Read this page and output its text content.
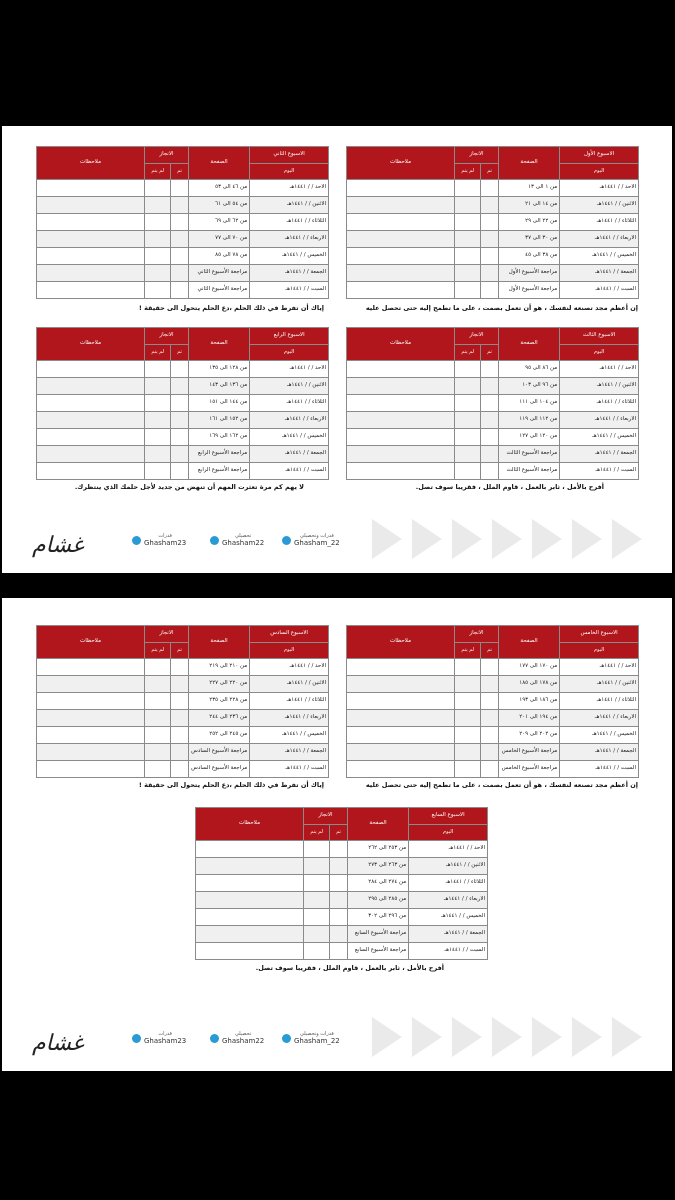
الاسبوع الأول	الصفحة	الانجاز		ملاحظات
اليوم		تم	لم يتم	
الاحد / / ١٤٤١هـ	من ١ الى ١٣			
الاثنين / / ١٤٤١هـ	من ١٤ الى ٢١			
الثلاثاء / / ١٤٤١هـ	من ٢٢ الى ٢٩			
الاربعاء / / ١٤٤١هـ	من ٣٠ الى ٣٧			
الخميس / / ١٤٤١هـ	من ٣٨ الى ٤٥			
الجمعة / / ١٤٤١هـ	مراجعة الأسبوع الأول			
السبت / / ١٤٤١هـ	مراجعة الأسبوع الأول			
الاسبوع الثاني	الصفحة	الانجاز		ملاحظات
اليوم		تم	لم يتم	
الاحد / / ١٤٤١هـ	من ٤٦ الى ٥٣			
الاثنين / / ١٤٤١هـ	من ٥٤ الى ٦١			
الثلاثاء / / ١٤٤١هـ	من ٦٢ الى ٦٩			
الاربعاء / / ١٤٤١هـ	من ٧٠ الى ٧٧			
الخميس / / ١٤٤١هـ	من ٧٨ الى ٨٥			
الجمعة / / ١٤٤١هـ	مراجعة الأسبوع الثاني			
السبت / / ١٤٤١هـ	مراجعة الأسبوع الثاني			
إن أعظم مجد تصنعه لنفسك ، هو أن تعمل بصمت ، على ما تطمح إليه حتى تحصل عليه
إياك أن تفرط في ذلك الحلم ،دع الحلم يتحول الى حقيقة !
الاسبوع الثالث	الصفحة	الانجاز		ملاحظات
اليوم		تم	لم يتم	
الاحد / / ١٤٤١هـ	من ٨٦ الى ٩٥			
الاثنين / / ١٤٤١هـ	من ٩٦ الى ١٠٣			
الثلاثاء / / ١٤٤١هـ	من ١٠٤ الى ١١١			
الاربعاء / / ١٤٤١هـ	من ١١٢ الى ١١٩			
الخميس / / ١٤٤١هـ	من ١٢٠ الى ١٢٧			
الجمعة / / ١٤٤١هـ	مراجعة الأسبوع الثالث			
السبت / / ١٤٤١هـ	مراجعة الأسبوع الثالث			
الاسبوع الرابع	الصفحة	الانجاز		ملاحظات
اليوم		تم	لم يتم	
الاحد / / ١٤٤١هـ	من ١٢٨ الى ١٣٥			
الاثنين / / ١٤٤١هـ	من ١٣٦ الى ١٤٣			
الثلاثاء / / ١٤٤١هـ	من ١٤٤ الى ١٥١			
الاربعاء / / ١٤٤١هـ	من ١٥٢ الى ١٦١			
الخميس / / ١٤٤١هـ	من ١٦٢ الى ١٦٩			
الجمعة / / ١٤٤١هـ	مراجعة الأسبوع الرابع			
السبت / / ١٤٤١هـ	مراجعة الأسبوع الرابع			
أفرح بالأمل ، ثابر بالعمل ، قاوم الملل ، فقريبا سوف تصل.
لا يهم كم مرة تعثرت المهم أن تنهض من جديد لأجل حلمك الذي ينتظرك.
غشام	قدرات
Ghasham23
تحصيلي
Ghasham22
قدرات وتحصيلي
Ghasham_22
الاسبوع الخامس	الصفحة	الانجاز		ملاحظات
اليوم		تم	لم يتم	
الاحد / / ١٤٤١هـ	من ١٧٠ الى ١٧٧			
الاثنين / / ١٤٤١هـ	من ١٧٨ الى ١٨٥			
الثلاثاء / / ١٤٤١هـ	من ١٨٦ الى ١٩٣			
الاربعاء / / ١٤٤١هـ	من ١٩٤ الى ٢٠١			
الخميس / / ١٤٤١هـ	من ٢٠٢ الى ٢٠٩			
الجمعة / / ١٤٤١هـ	مراجعة الأسبوع الخامس			
السبت / / ١٤٤١هـ	مراجعة الأسبوع الخامس			
الاسبوع السادس	الصفحة	الانجاز		ملاحظات
اليوم		تم	لم يتم	
الاحد / / ١٤٤١هـ	من ٢١٠ الى ٢١٩			
الاثنين / / ١٤٤١هـ	من ٢٢٠ الى ٢٢٧			
الثلاثاء / / ١٤٤١هـ	من ٢٢٨ الى ٢٣٥			
الاربعاء / / ١٤٤١هـ	من ٢٣٦ الى ٢٤٤			
الخميس / / ١٤٤١هـ	من ٢٤٥ الى ٢٥٢			
الجمعة / / ١٤٤١هـ	مراجعة الأسبوع السادس			
السبت / / ١٤٤١هـ	مراجعة الأسبوع السادس			
إن أعظم مجد تصنعه لنفسك ، هو أن تعمل بصمت ، على ما تطمح إليه حتى تحصل عليه
إياك أن تفرط في ذلك الحلم ،دع الحلم يتحول الى حقيقة !
الاسبوع السابع	الصفحة	الانجاز		ملاحظات
اليوم		تم	لم يتم	
الاحد / / ١٤٤١هـ	من ٢٥٣ الى ٢٦٢			
الاثنين / / ١٤٤١هـ	من ٢٦٣ الى ٢٧٣			
الثلاثاء / / ١٤٤١هـ	من ٢٧٤ الى ٢٨٤			
الاربعاء / / ١٤٤١هـ	من ٢٨٥ الى ٢٩٥			
الخميس / / ١٤٤١هـ	من ٢٩٦ الى ٣٠٢			
الجمعة / / ١٤٤١هـ	مراجعة الأسبوع السابع			
السبت / / ١٤٤١هـ	مراجعة الأسبوع السابع			
أفرح بالأمل ، ثابر بالعمل ، قاوم الملل ، فقريبا سوف تصل.
غشام	قدرات
Ghasham23
تحصيلي
Ghasham22
قدرات وتحصيلي
Ghasham_22
